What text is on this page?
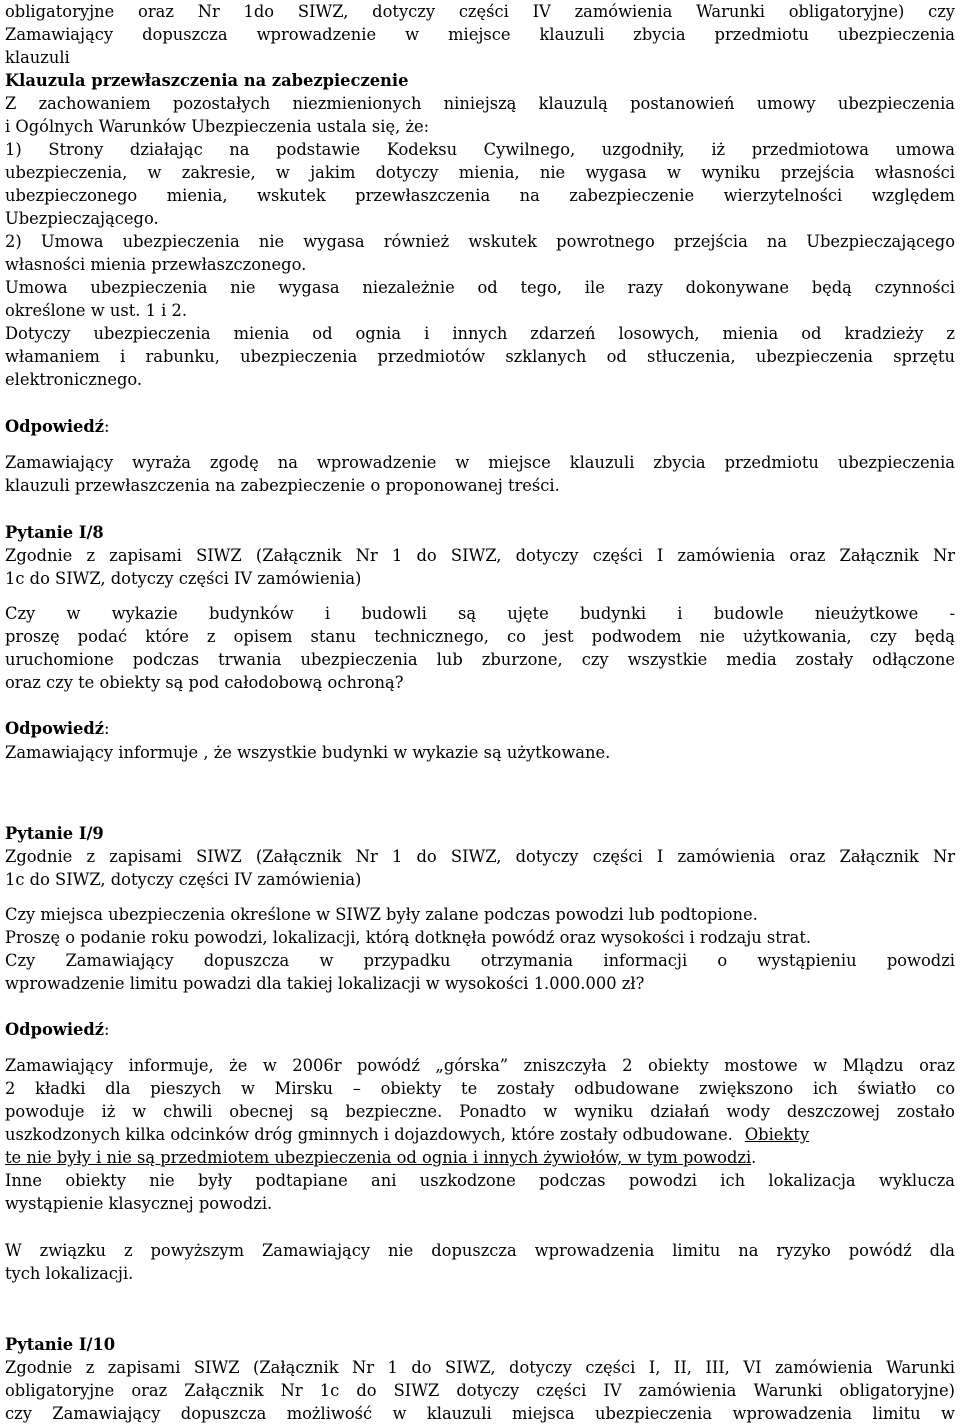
obligatoryjne oraz Nr 1do SIWZ, dotyczy części IV zamówienia Warunki obligatoryjne) czy
Zamawiający dopuszcza wprowadzenie w miejsce klauzuli zbycia przedmiotu ubezpieczenia
klauzuli
Klauzula przewłaszczenia na zabezpieczenie
Z zachowaniem pozostałych niezmienionych niniejszą klauzulą postanowień umowy ubezpieczenia
i Ogólnych Warunków Ubezpieczenia ustala się, że:
1) Strony działając na podstawie Kodeksu Cywilnego, uzgodniły, iż przedmiotowa umowa
ubezpieczenia, w zakresie, w jakim dotyczy mienia, nie wygasa w wyniku przejścia własności
ubezpieczonego mienia, wskutek przewłaszczenia na zabezpieczenie wierzytelności względem
Ubezpieczającego.
2) Umowa ubezpieczenia nie wygasa również wskutek powrotnego przejścia na Ubezpieczającego
własności mienia przewłaszczonego.
Umowa ubezpieczenia nie wygasa niezależnie od tego, ile razy dokonywane będą czynności
określone w ust. 1 i 2.
Dotyczy ubezpieczenia mienia od ognia i innych zdarzeń losowych, mienia od kradzieży z
włamaniem i rabunku, ubezpieczenia przedmiotów szklanych od stłuczenia, ubezpieczenia sprzętu
elektronicznego.
Odpowiedź:
Zamawiający wyraża zgodę na wprowadzenie w miejsce klauzuli zbycia przedmiotu ubezpieczenia
klauzuli przewłaszczenia na zabezpieczenie o proponowanej treści.
Pytanie I/8
Zgodnie z zapisami SIWZ (Załącznik Nr 1 do SIWZ, dotyczy części I zamówienia oraz Załącznik Nr
1c do SIWZ, dotyczy części IV zamówienia)
Czy w wykazie budynków i budowli są ujęte budynki i budowle nieużytkowe -
proszę podać które z opisem stanu technicznego, co jest podwodem nie użytkowania, czy będą
uruchomione podczas trwania ubezpieczenia lub zburzone, czy wszystkie media zostały odłączone
oraz czy te obiekty są pod całodobową ochroną?
Odpowiedź:
Zamawiający informuje , że wszystkie budynki w wykazie są użytkowane.
Pytanie I/9
Zgodnie z zapisami SIWZ (Załącznik Nr 1 do SIWZ, dotyczy części I zamówienia oraz Załącznik Nr
1c do SIWZ, dotyczy części IV zamówienia)
Czy miejsca ubezpieczenia określone w SIWZ były zalane podczas powodzi lub podtopione.
Proszę o podanie roku powodzi, lokalizacji, którą dotknęła powódź oraz wysokości i rodzaju strat.
Czy Zamawiający dopuszcza w przypadku otrzymania informacji o wystąpieniu powodzi
wprowadzenie limitu powadzi dla takiej lokalizacji w wysokości 1.000.000 zł?
Odpowiedź:
Zamawiający informuje, że w 2006r powódź „górska” zniszczyła 2 obiekty mostowe w Mlądzu oraz
2 kładki dla pieszych w Mirsku – obiekty te zostały odbudowane zwiększono ich światło co
powoduje iż w chwili obecnej są bezpieczne. Ponadto w wyniku działań wody deszczowej zostało
uszkodzonych kilka odcinków dróg gminnych i dojazdowych, które zostały odbudowane. Obiekty
te nie były i nie są przedmiotem ubezpieczenia od ognia i innych żywiołów, w tym powodzi.
Inne obiekty nie były podtapiane ani uszkodzone podczas powodzi ich lokalizacja wyklucza
wystąpienie klasycznej powodzi.
W związku z powyższym Zamawiający nie dopuszcza wprowadzenia limitu na ryzyko powódź dla
tych lokalizacji.
Pytanie I/10
Zgodnie z zapisami SIWZ (Załącznik Nr 1 do SIWZ, dotyczy części I, II, III, VI zamówienia Warunki
obligatoryjne oraz Załącznik Nr 1c do SIWZ dotyczy części IV zamówienia Warunki obligatoryjne)
czy Zamawiający dopuszcza możliwość w klauzuli miejsca ubezpieczenia wprowadzenia limitu w
